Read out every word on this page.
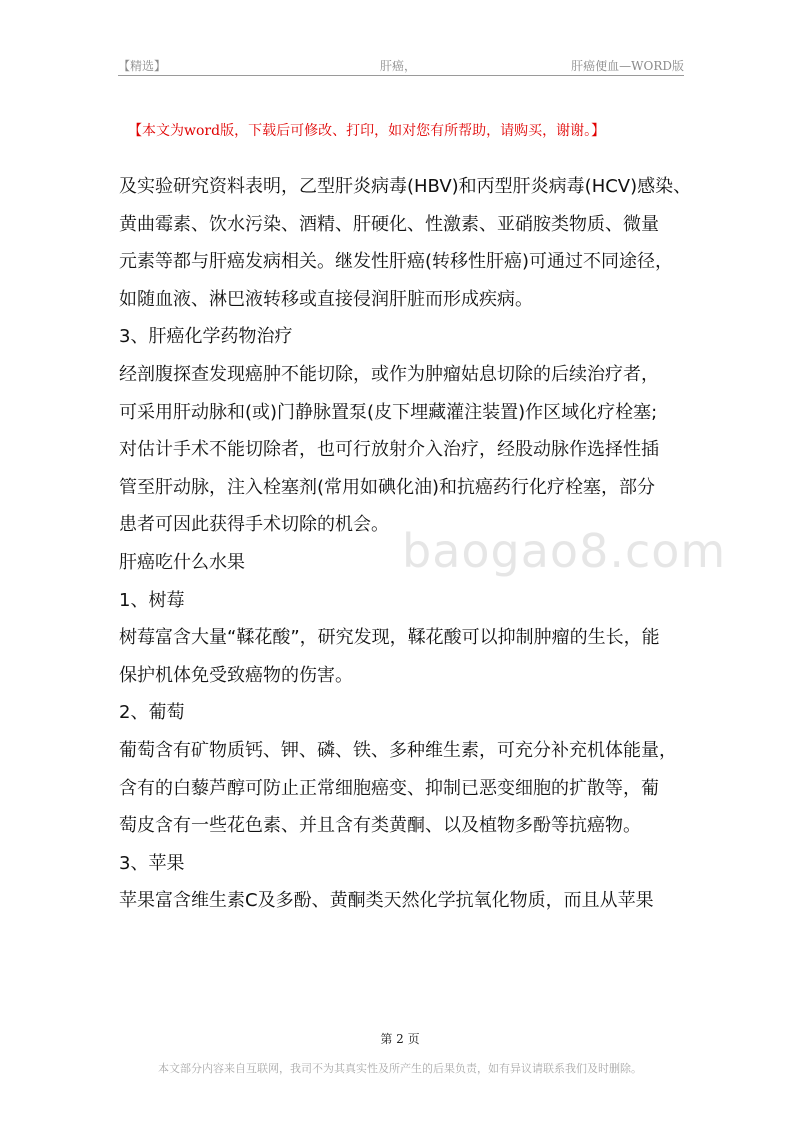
【精选】	肝癌，	肝癌便血—WORD版
【本文为word版，下载后可修改、打印，如对您有所帮助，请购买，谢谢。】

及实验研究资料表明，乙型肝炎病毒(HBV)和丙型肝炎病毒(HCV)感染、

黄曲霉素、饮水污染、酒精、肝硬化、性激素、亚硝胺类物质、微量

元素等都与肝癌发病相关。继发性肝癌(转移性肝癌)可通过不同途径，

如随血液、淋巴液转移或直接侵润肝脏而形成疾病。

3、肝癌化学药物治疗

经剖腹探查发现癌肿不能切除，或作为肿瘤姑息切除的后续治疗者，

可采用肝动脉和(或)门静脉置泵(皮下埋藏灌注装置)作区域化疗栓塞;

对估计手术不能切除者，也可行放射介入治疗，经股动脉作选择性插

管至肝动脉，注入栓塞剂(常用如碘化油)和抗癌药行化疗栓塞，部分

患者可因此获得手术切除的机会。

肝癌吃什么水果

1、树莓

树莓富含大量“鞣花酸”，研究发现，鞣花酸可以抑制肿瘤的生长，能

保护机体免受致癌物的伤害。

2、葡萄

葡萄含有矿物质钙、钾、磷、铁、多种维生素，可充分补充机体能量，

含有的白藜芦醇可防止正常细胞癌变、抑制已恶变细胞的扩散等，葡

萄皮含有一些花色素、并且含有类黄酮、以及植物多酚等抗癌物。

3、苹果

苹果富含维生素C及多酚、黄酮类天然化学抗氧化物质，而且从苹果

baogao8.com
第 2 页
本文部分内容来自互联网，我司不为其真实性及所产生的后果负责，如有异议请联系我们及时删除。
